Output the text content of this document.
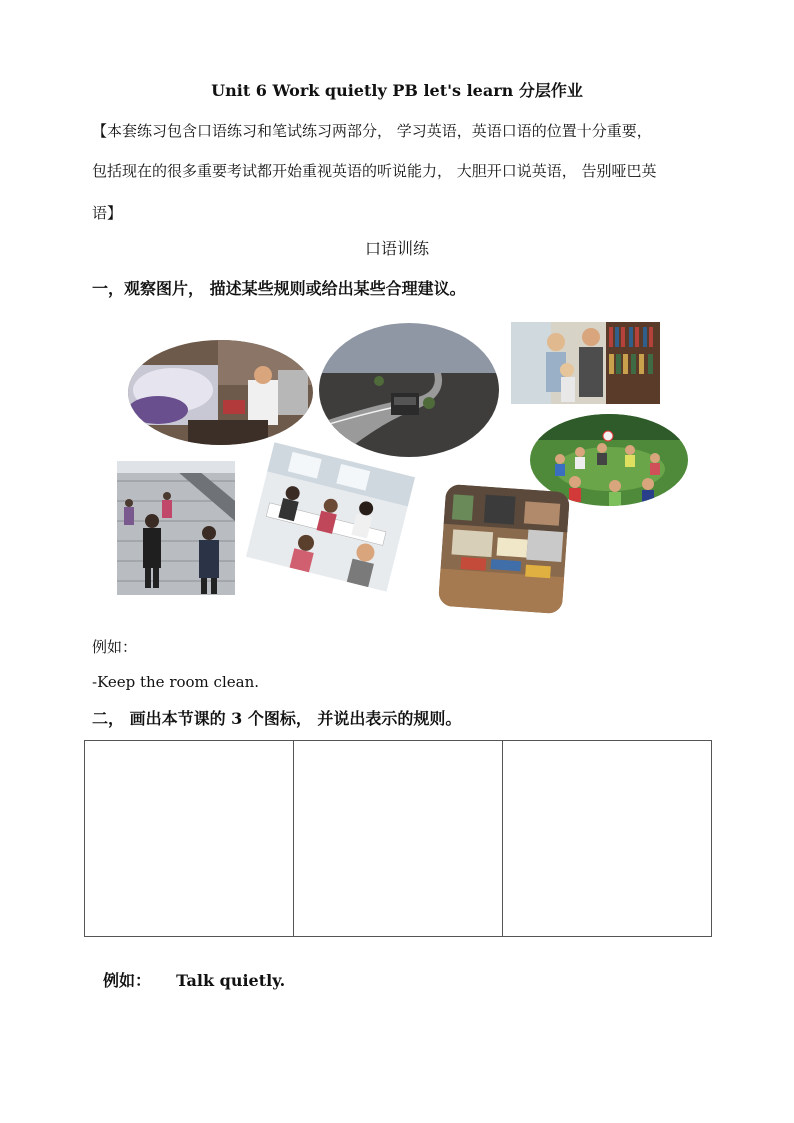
Unit 6 Work quietly PB let's learn 分层作业
【本套练习包含口语练习和笔试练习两部分， 学习英语，英语口语的位置十分重要，
包括现在的很多重要考试都开始重视英语的听说能力， 大胆开口说英语， 告别哑巴英
语】
口语训练
一，观察图片， 描述某些规则或给出某些合理建议。
例如：
-Keep the room clean.
二， 画出本节课的 3 个图标， 并说出表示的规则。

例如： Talk quietly.
